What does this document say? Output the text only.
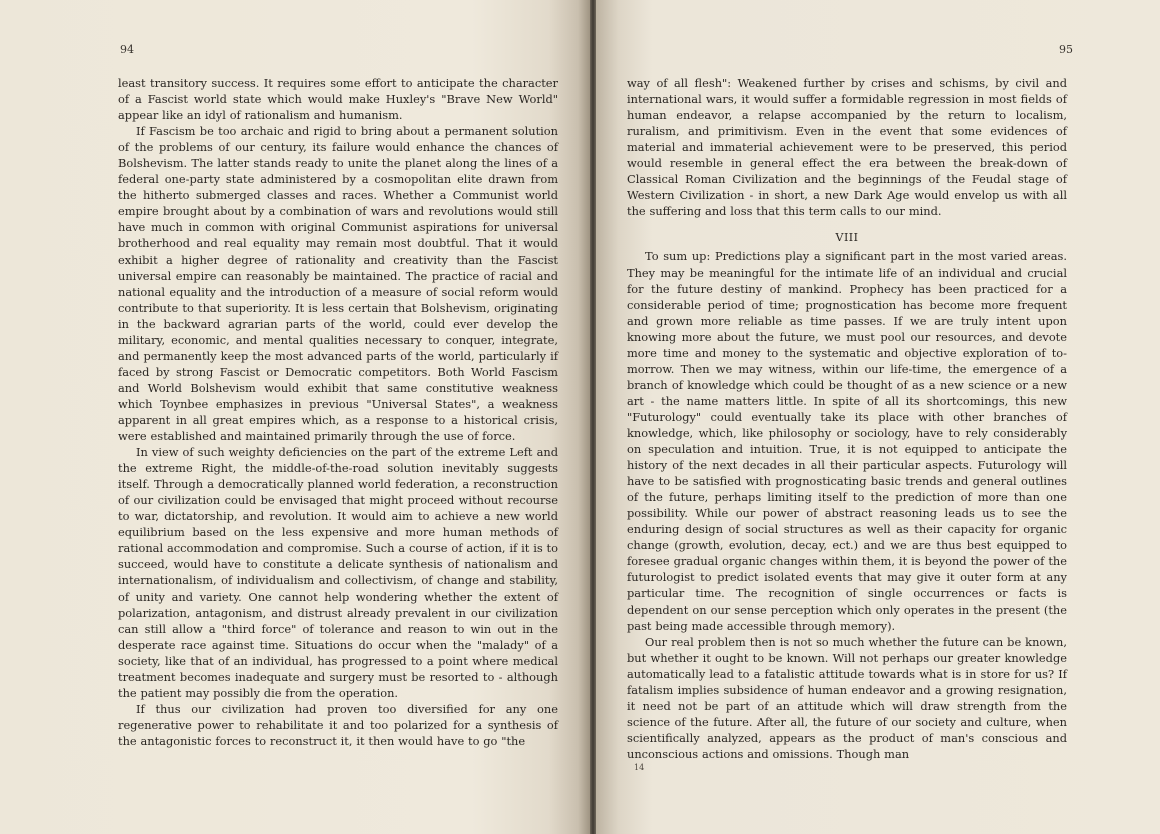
94

least transitory success. It requires some effort to anticipate the character of a Fascist world state which would make Huxley's "Brave New World" appear like an idyl of rationalism and humanism.

If Fascism be too archaic and rigid to bring about a permanent solution of the problems of our century, its failure would enhance the chances of Bolshevism. The latter stands ready to unite the planet along the lines of a federal one-party state administered by a cosmopolitan elite drawn from the hitherto submerged classes and races. Whether a Communist world empire brought about by a combination of wars and revolutions would still have much in common with original Communist aspirations for universal brotherhood and real equality may remain most doubtful. That it would exhibit a higher degree of rationality and creativity than the Fascist universal empire can reasonably be maintained. The practice of racial and national equality and the introduction of a measure of social reform would contribute to that superiority. It is less certain that Bolshevism, originating in the backward agrarian parts of the world, could ever develop the military, economic, and mental qualities necessary to conquer, integrate, and permanently keep the most advanced parts of the world, particularly if faced by strong Fascist or Democratic competitors. Both World Fascism and World Bolshevism would exhibit that same constitutive weakness which Toynbee emphasizes in previous "Universal States", a weakness apparent in all great empires which, as a response to a historical crisis, were established and maintained primarily through the use of force.

In view of such weighty deficiencies on the part of the extreme Left and the extreme Right, the middle-of-the-road solution inevitably suggests itself. Through a democratically planned world federation, a reconstruction of our civilization could be envisaged that might proceed without recourse to war, dictatorship, and revolution. It would aim to achieve a new world equilibrium based on the less expensive and more human methods of rational accommodation and compromise. Such a course of action, if it is to succeed, would have to constitute a delicate synthesis of nationalism and internationalism, of individualism and collectivism, of change and stability, of unity and variety. One cannot help wondering whether the extent of polarization, antagonism, and distrust already prevalent in our civilization can still allow a "third force" of tolerance and reason to win out in the desperate race against time. Situations do occur when the "malady" of a society, like that of an individual, has progressed to a point where medical treatment becomes inadequate and surgery must be resorted to - although the patient may possibly die from the operation.

If thus our civilization had proven too diversified for any one regenerative power to rehabilitate it and too polarized for a synthesis of the antagonistic forces to reconstruct it, it then would have to go "the

95

way of all flesh": Weakened further by crises and schisms, by civil and international wars, it would suffer a formidable regression in most fields of human endeavor, a relapse accompanied by the return to localism, ruralism, and primitivism. Even in the event that some evidences of material and immaterial achievement were to be preserved, this period would resemble in general effect the era between the break-down of Classical Roman Civilization and the beginnings of the Feudal stage of Western Civilization - in short, a new Dark Age would envelop us with all the suffering and loss that this term calls to our mind.

VIII

To sum up: Predictions play a significant part in the most varied areas. They may be meaningful for the intimate life of an individual and crucial for the future destiny of mankind. Prophecy has been practiced for a considerable period of time; prognostication has become more frequent and grown more reliable as time passes. If we are truly intent upon knowing more about the future, we must pool our resources, and devote more time and money to the systematic and objective exploration of to-morrow. Then we may witness, within our life-time, the emergence of a branch of knowledge which could be thought of as a new science or a new art - the name matters little. In spite of all its shortcomings, this new "Futurology" could eventually take its place with other branches of knowledge, which, like philosophy or sociology, have to rely considerably on speculation and intuition. True, it is not equipped to anticipate the history of the next decades in all their particular aspects. Futurology will have to be satisfied with prognosticating basic trends and general outlines of the future, perhaps limiting itself to the prediction of more than one possibility. While our power of abstract reasoning leads us to see the enduring design of social structures as well as their capacity for organic change (growth, evolution, decay, ect.) and we are thus best equipped to foresee gradual organic changes within them, it is beyond the power of the futurologist to predict isolated events that may give it outer form at any particular time. The recognition of single occurrences or facts is dependent on our sense perception which only operates in the present (the past being made accessible through memory).

Our real problem then is not so much whether the future can be known, but whether it ought to be known. Will not perhaps our greater knowledge automatically lead to a fatalistic attitude towards what is in store for us? If fatalism implies subsidence of human endeavor and a growing resignation, it need not be part of an attitude which will draw strength from the science of the future. After all, the future of our society and culture, when scientifically analyzed, appears as the product of man's conscious and unconscious actions and omissions. Though man

14
